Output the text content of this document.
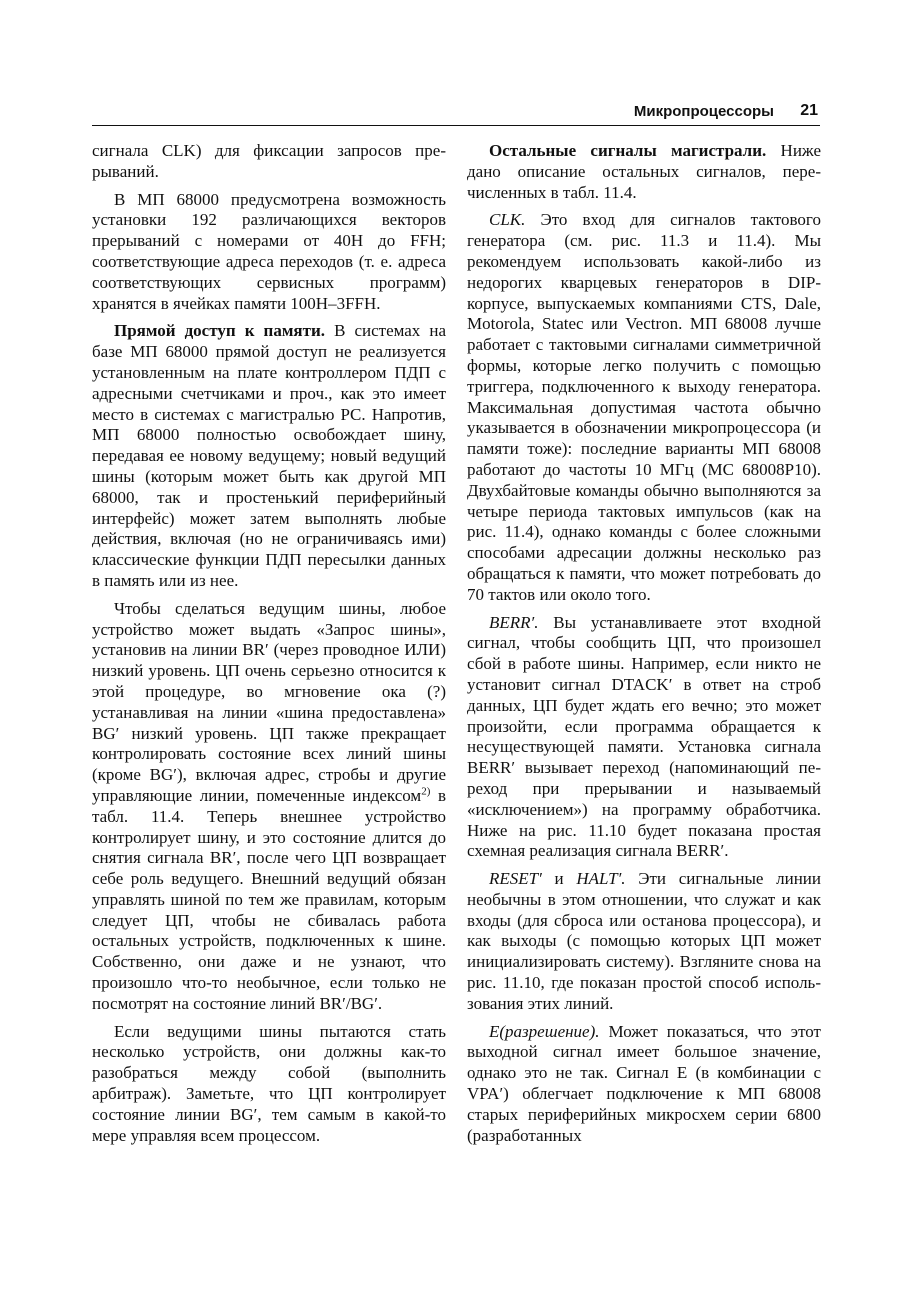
Микропроцессоры 21

сигнала CLK) для фиксации запросов прерываний.

В МП 68000 предусмотрена возможность установки 192 различающихся векторов прерываний с номерами от 40Н до FFH; соответствующие адреса переходов (т. е. адреса соответствующих сервисных программ) хранятся в ячейках памяти 100H–3FFH.

Прямой доступ к памяти. В системах на базе МП 68000 прямой доступ не реализуется установленным на плате контроллером ПДП с адресными счетчиками и проч., как это имеет место в системах с магистралью PC. Напротив, МП 68000 полностью освобождает шину, передавая ее новому ведущему; новый ведущий шины (которым может быть как другой МП 68000, так и простенький периферийный интерфейс) может затем выполнять любые действия, включая (но не ограничиваясь ими) классические функции ПДП пересылки данных в память или из нее.

Чтобы сделаться ведущим шины, любое устройство может выдать «Запрос шины», установив на линии BR′ (через проводное ИЛИ) низкий уровень. ЦП очень серьезно относится к этой процедуре, во мгновение ока (?) устанавливая на линии «шина предоставлена» BG′ низкий уровень. ЦП также прекращает контролировать состояние всех линий шины (кроме BG′), включая адрес, стробы и другие управляющие линии, помеченные индексом$^{2)}$ в табл. 11.4. Теперь внешнее устройство контролирует шину, и это состояние длится до снятия сигнала BR′, после чего ЦП возвращает себе роль ведущего. Внешний ведущий обязан управлять шиной по тем же правилам, которым следует ЦП, чтобы не сбивалась работа остальных устройств, подключенных к шине. Собственно, они даже и не узнают, что произошло что-то необычное, если только не посмотрят на состояние линий BR′/BG′.

Если ведущими шины пытаются стать несколько устройств, они должны как-то разобраться между собой (выполнить арбитраж). Заметьте, что ЦП контролирует состояние линии BG′, тем самым в какой-то мере управляя всем процессом.

Остальные сигналы магистрали. Ниже дано описание остальных сигналов, перечисленных в табл. 11.4.

CLK. Это вход для сигналов тактового генератора (см. рис. 11.3 и 11.4). Мы рекомендуем использовать какой-либо из недорогих кварцевых генераторов в DIP-корпусе, выпускаемых компаниями CTS, Dale, Motorola, Statec или Vectron. МП 68008 лучше работает с тактовыми сигналами симметричной формы, которые легко получить с помощью триггера, подключенного к выходу генератора. Максимальная допустимая частота обычно указывается в обозначении микропроцессора (и памяти тоже): последние варианты МП 68008 работают до частоты 10 МГц (МС 68008Р10). Двухбайтовые команды обычно выполняются за четыре периода тактовых импульсов (как на рис. 11.4), однако команды с более сложными способами адресации должны несколько раз обращаться к памяти, что может потребовать до 70 тактов или около того.

BERR′. Вы устанавливаете этот входной сигнал, чтобы сообщить ЦП, что произошел сбой в работе шины. Например, если никто не установит сигнал DTACK′ в ответ на строб данных, ЦП будет ждать его вечно; это может произойти, если программа обращается к несуществующей памяти. Установка сигнала BERR′ вызывает переход (напоминающий переход при прерывании и называемый «исключением») на программу обработчика. Ниже на рис. 11.10 будет показана простая схемная реализация сигнала BERR′.

RESET′ и HALT′. Эти сигнальные линии необычны в этом отношении, что служат и как входы (для сброса или останова процессора), и как выходы (с помощью которых ЦП может инициализировать систему). Взгляните снова на рис. 11.10, где показан простой способ использования этих линий.

E(разрешение). Может показаться, что этот выходной сигнал имеет большое значение, однако это не так. Сигнал E (в комбинации с VPA′) облегчает подключение к МП 68008 старых периферийных микросхем серии 6800 (разработанных
